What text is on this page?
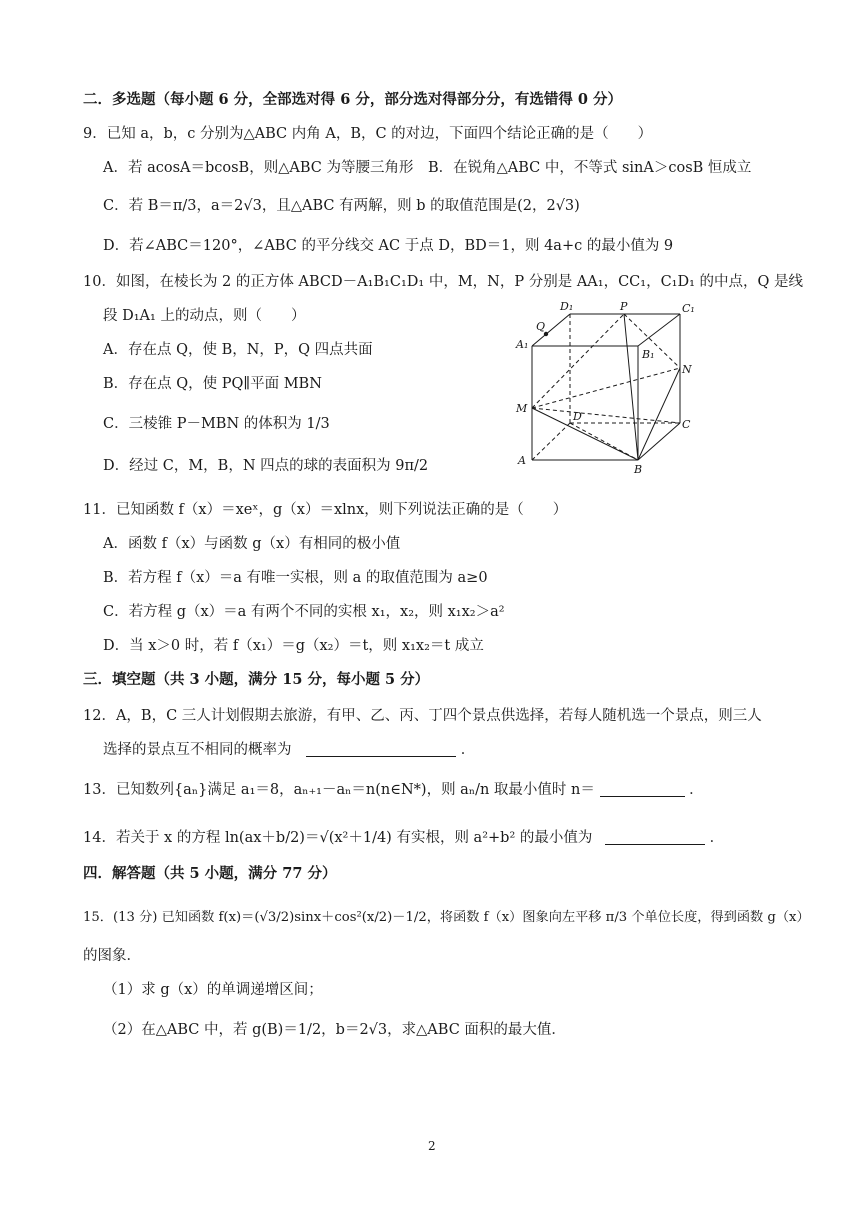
二．多选题（每小题 6 分，全部选对得 6 分，部分选对得部分分，有选错得 0 分）
9．已知 a，b，c 分别为△ABC 内角 A，B，C 的对边，下面四个结论正确的是（　　）
A．若 acosA＝bcosB，则△ABC 为等腰三角形　B．在锐角△ABC 中，不等式 sinA＞cosB 恒成立
C．若 B＝π/3，a＝2√3，且△ABC 有两解，则 b 的取值范围是(2，2√3)
D．若∠ABC＝120°，∠ABC 的平分线交 AC 于点 D，BD＝1，则 4a+c 的最小值为 9
10．如图，在棱长为 2 的正方体 ABCD－A₁B₁C₁D₁ 中，M，N，P 分别是 AA₁，CC₁，C₁D₁ 的中点，Q 是线
段 D₁A₁ 上的动点，则（　　）
A．存在点 Q，使 B，N，P，Q 四点共面
B．存在点 Q，使 PQ∥平面 MBN
C．三棱锥 P－MBN 的体积为 1/3
D．经过 C，M，B，N 四点的球的表面积为 9π/2
D₁	P	C₁
Q
A₁
B₁
N
M
D
C
A
B
11．已知函数 f（x）＝xeˣ，g（x）＝xlnx，则下列说法正确的是（　　）
A．函数 f（x）与函数 g（x）有相同的极小值
B．若方程 f（x）＝a 有唯一实根，则 a 的取值范围为 a≥0
C．若方程 g（x）＝a 有两个不同的实根 x₁，x₂，则 x₁x₂＞a²
D．当 x＞0 时，若 f（x₁）＝g（x₂）＝t，则 x₁x₂＝t 成立
三．填空题（共 3 小题，满分 15 分，每小题 5 分）
12．A，B，C 三人计划假期去旅游，有甲、乙、丙、丁四个景点供选择，若每人随机选一个景点，则三人
选择的景点互不相同的概率为	．
13．已知数列{aₙ}满足 a₁＝8，aₙ₊₁－aₙ＝n(n∈N*)，则 aₙ/n 取最小值时 n＝	．
14．若关于 x 的方程 ln(ax＋b/2)＝√(x²＋1/4) 有实根，则 a²+b² 的最小值为	．
四．解答题（共 5 小题，满分 77 分）
15．(13 分) 已知函数 f(x)＝(√3/2)sinx＋cos²(x/2)－1/2，将函数 f（x）图象向左平移 π/3 个单位长度，得到函数 g（x）
的图象．
（1）求 g（x）的单调递增区间；
（2）在△ABC 中，若 g(B)＝1/2，b＝2√3，求△ABC 面积的最大值．
2
